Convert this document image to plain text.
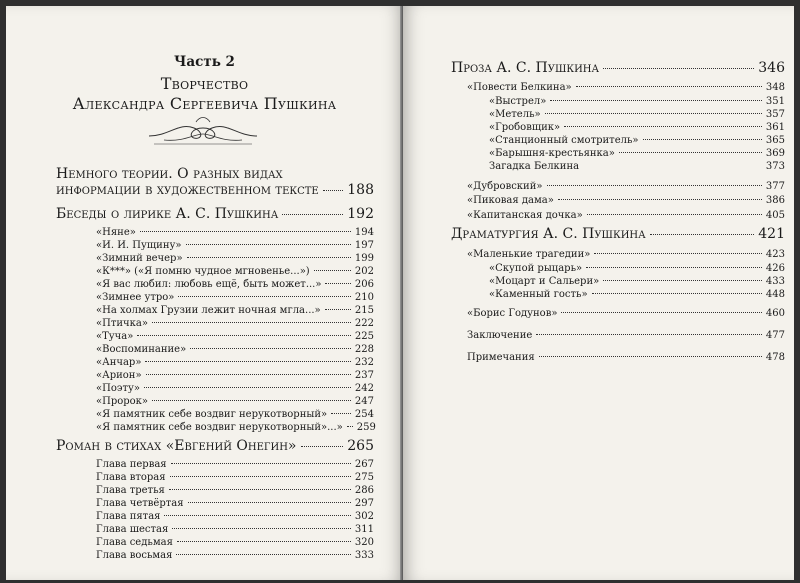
Часть 2
Творчество
Александра Сергеевича Пушкина
Немного теории. О разных видах
информации в художественном тексте 188
Беседы о лирике А. С. Пушкина	192
«Няне»	194
«И. И. Пущину»	197
«Зимний вечер»	199
«К***» («Я помню чудное мгновенье...»)	202
«Я вас любил: любовь ещё, быть может...»	206
«Зимнее утро»	210
«На холмах Грузии лежит ночная мгла...»	215
«Птичка»	222
«Туча»	225
«Воспоминание»	228
«Анчар»	232
«Арион»	237
«Поэту»	242
«Пророк»	247
«Я памятник себе воздвиг нерукотворный»	254
«Я памятник себе воздвиг нерукотворный»...» 259
Роман в стихах «Евгений Онегин»	265
Глава первая	267
Глава вторая	275
Глава третья	286
Глава четвёртая	297
Глава пятая	302
Глава шестая	311
Глава седьмая	320
Глава восьмая	333
Проза А. С. Пушкина	346
«Повести Белкина»	348
«Выстрел»	351
«Метель»	357
«Гробовщик»	361
«Станционный смотритель»	365
«Барышня-крестьянка»	369
Загадка Белкина	373
«Дубровский»	377
«Пиковая дама»	386
«Капитанская дочка»	405
Драматургия А. С. Пушкина	421
«Маленькие трагедии»	423
«Скупой рыцарь»	426
«Моцарт и Сальери»	433
«Каменный гость»	448
«Борис Годунов»	460
Заключение	477
Примечания	478
